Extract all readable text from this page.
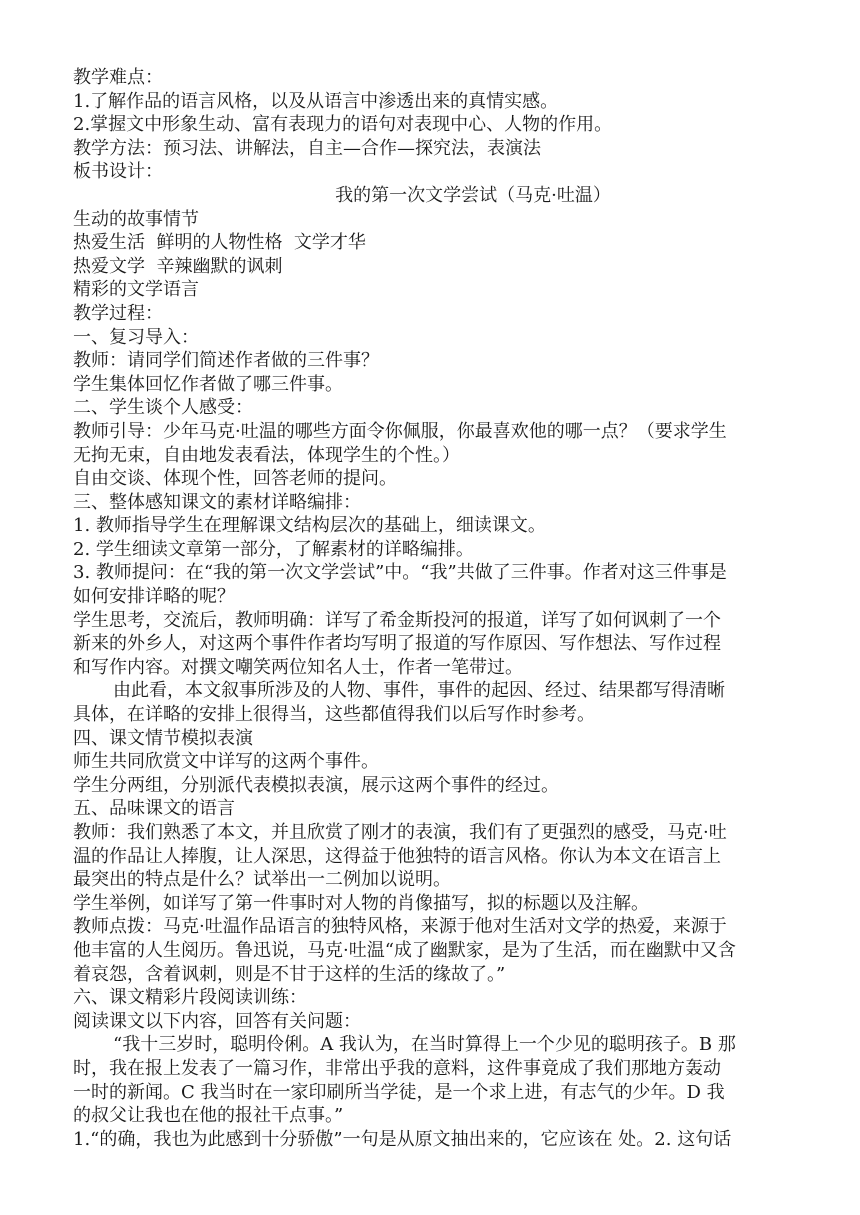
教学难点：
1.了解作品的语言风格，以及从语言中渗透出来的真情实感。
2.掌握文中形象生动、富有表现力的语句对表现中心、人物的作用。
教学方法：预习法、讲解法，自主—合作—探究法，表演法
板书设计：
我的第一次文学尝试（马克·吐温）
生动的故事情节
热爱生活  鲜明的人物性格  文学才华
热爱文学  辛辣幽默的讽刺
精彩的文学语言
教学过程：
一、复习导入：
教师：请同学们简述作者做的三件事？
学生集体回忆作者做了哪三件事。
二、学生谈个人感受：
教师引导：少年马克·吐温的哪些方面令你佩服，你最喜欢他的哪一点？（要求学生
无拘无束，自由地发表看法，体现学生的个性。）
自由交谈、体现个性，回答老师的提问。
三、整体感知课文的素材详略编排：
1. 教师指导学生在理解课文结构层次的基础上，细读课文。
2. 学生细读文章第一部分，了解素材的详略编排。
3. 教师提问：在“我的第一次文学尝试”中。“我”共做了三件事。作者对这三件事是
如何安排详略的呢？
学生思考，交流后，教师明确：详写了希金斯投河的报道，详写了如何讽刺了一个
新来的外乡人，对这两个事件作者均写明了报道的写作原因、写作想法、写作过程
和写作内容。对撰文嘲笑两位知名人士，作者一笔带过。
由此看，本文叙事所涉及的人物、事件，事件的起因、经过、结果都写得清晰
具体，在详略的安排上很得当，这些都值得我们以后写作时参考。
四、课文情节模拟表演
师生共同欣赏文中详写的这两个事件。
学生分两组，分别派代表模拟表演，展示这两个事件的经过。
五、品味课文的语言
教师：我们熟悉了本文，并且欣赏了刚才的表演，我们有了更强烈的感受，马克·吐
温的作品让人捧腹，让人深思，这得益于他独特的语言风格。你认为本文在语言上
最突出的特点是什么？试举出一二例加以说明。
学生举例，如详写了第一件事时对人物的肖像描写，拟的标题以及注解。
教师点拨：马克·吐温作品语言的独特风格，来源于他对生活对文学的热爱，来源于
他丰富的人生阅历。鲁迅说，马克·吐温“成了幽默家，是为了生活，而在幽默中又含
着哀怨，含着讽刺，则是不甘于这样的生活的缘故了。”
六、课文精彩片段阅读训练：
阅读课文以下内容，回答有关问题：
“我十三岁时，聪明伶俐。A 我认为，在当时算得上一个少见的聪明孩子。B 那
时，我在报上发表了一篇习作，非常出乎我的意料，这件事竟成了我们那地方轰动
一时的新闻。C 我当时在一家印刷所当学徒，是一个求上进，有志气的少年。D 我
的叔父让我也在他的报社干点事。”
1.“的确，我也为此感到十分骄傲”一句是从原文抽出来的，它应该在 处。2. 这句话
